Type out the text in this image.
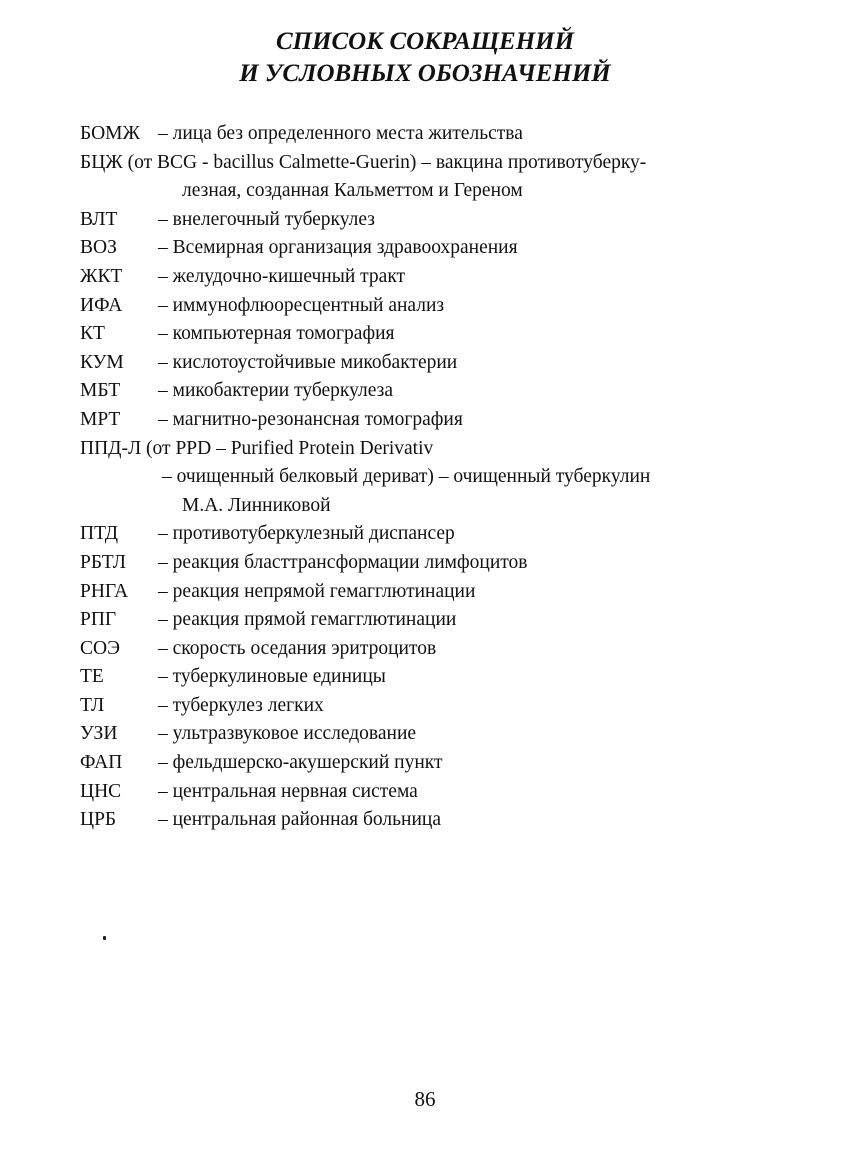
СПИСОК СОКРАЩЕНИЙ
И УСЛОВНЫХ ОБОЗНАЧЕНИЙ
БОМЖ – лица без определенного места жительства
БЦЖ (от BCG - bacillus Calmette-Guerin) – вакцина противотуберку-
лезная, созданная Кальметтом и Гереном
ВЛТ – внелегочный туберкулез
ВОЗ – Всемирная организация здравоохранения
ЖКТ – желудочно-кишечный тракт
ИФА – иммунофлюоресцентный анализ
КТ	– компьютерная томография
КУМ – кислотоустойчивые микобактерии
МБТ – микобактерии туберкулеза
МРТ – магнитно-резонансная томография
ППД-Л (от PPD – Purified Protein Derivativ
– очищенный белковый дериват) – очищенный туберкулин
М.А. Линниковой
ПТД – противотуберкулезный диспансер
РБТЛ – реакция бласттрансформации лимфоцитов
РНГА – реакция непрямой гемагглютинации
РПГ – реакция прямой гемагглютинации
СОЭ – скорость оседания эритроцитов
ТЕ	– туберкулиновые единицы
ТЛ	– туберкулез легких
УЗИ – ультразвуковое исследование
ФАП – фельдшерско-акушерский пункт
ЦНС – центральная нервная система
ЦРБ – центральная районная больница
86
